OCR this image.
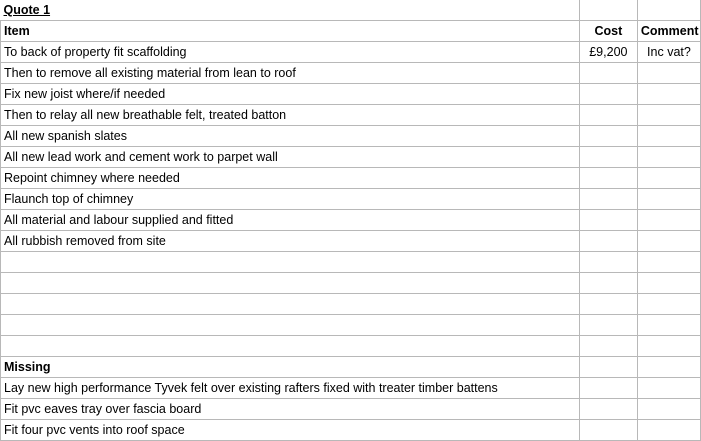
Quote 1		
Item	Cost	Comment
To back of property fit scaffolding	£9,200	Inc vat?
Then to remove all existing material from lean to roof		
Fix new joist where/if needed		
Then to relay all new breathable felt, treated batton		
All new spanish slates		
All new lead work and cement work to parpet wall		
Repoint chimney where needed		
Flaunch top of chimney		
All material and labour supplied and fitted		
All rubbish removed from site		

Missing		
Lay new high performance Tyvek felt over existing rafters fixed with treater timber battens		
Fit pvc eaves tray over fascia board		
Fit four pvc vents into roof space		
